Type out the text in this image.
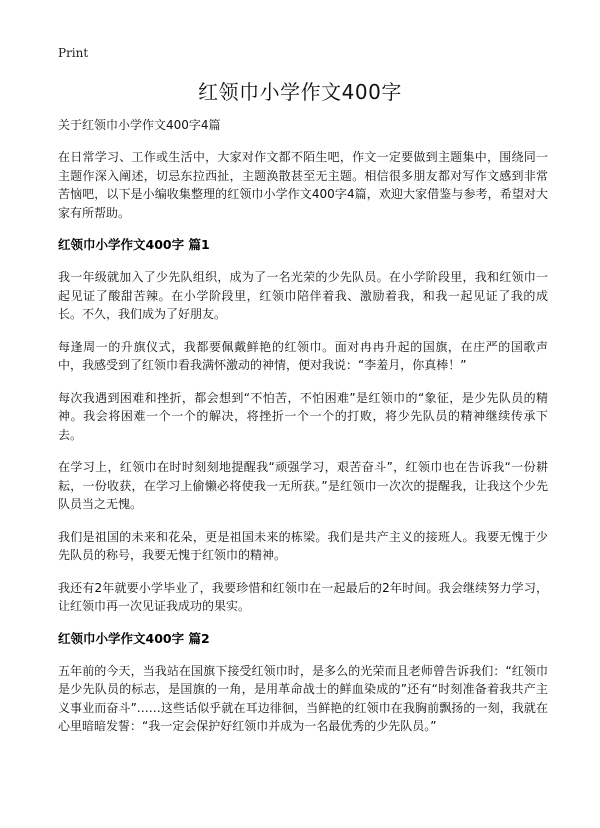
Print
红领巾小学作文400字

关于红领巾小学作文400字4篇

在日常学习、工作或生活中，大家对作文都不陌生吧，作文一定要做到主题集中，围绕同一主题作深入阐述，切忌东拉西扯，主题涣散甚至无主题。相信很多朋友都对写作文感到非常苦恼吧，以下是小编收集整理的红领巾小学作文400字4篇，欢迎大家借鉴与参考，希望对大家有所帮助。

红领巾小学作文400字 篇1

我一年级就加入了少先队组织，成为了一名光荣的少先队员。在小学阶段里，我和红领巾一起见证了酸甜苦辣。在小学阶段里，红领巾陪伴着我、激励着我，和我一起见证了我的成长。不久，我们成为了好朋友。

每逢周一的升旗仪式，我都要佩戴鲜艳的红领巾。面对冉冉升起的国旗，在庄严的国歌声中，我感受到了红领巾看我满怀激动的神情，便对我说：“李羞月，你真棒！”

每次我遇到困难和挫折，都会想到“不怕苦，不怕困难”是红领巾的“象征，是少先队员的精神。我会将困难一个一个的解决，将挫折一个一个的打败，将少先队员的精神继续传承下去。

在学习上，红领巾在时时刻刻地提醒我“顽强学习，艰苦奋斗”，红领巾也在告诉我“一份耕耘，一份收获，在学习上偷懒必将使我一无所获。”是红领巾一次次的提醒我，让我这个少先队员当之无愧。

我们是祖国的未来和花朵，更是祖国未来的栋梁。我们是共产主义的接班人。我要无愧于少先队员的称号，我要无愧于红领巾的精神。

我还有2年就要小学毕业了，我要珍惜和红领巾在一起最后的2年时间。我会继续努力学习，让红领巾再一次见证我成功的果实。

红领巾小学作文400字 篇2

五年前的今天，当我站在国旗下接受红领巾时，是多么的光荣而且老师曾告诉我们：“红领巾是少先队员的标志，是国旗的一角，是用革命战士的鲜血染成的”还有“时刻准备着我共产主义事业而奋斗”……这些话似乎就在耳边徘徊，当鲜艳的红领巾在我胸前飘扬的一刻，我就在心里暗暗发誓：“我一定会保护好红领巾并成为一名最优秀的少先队员。”
